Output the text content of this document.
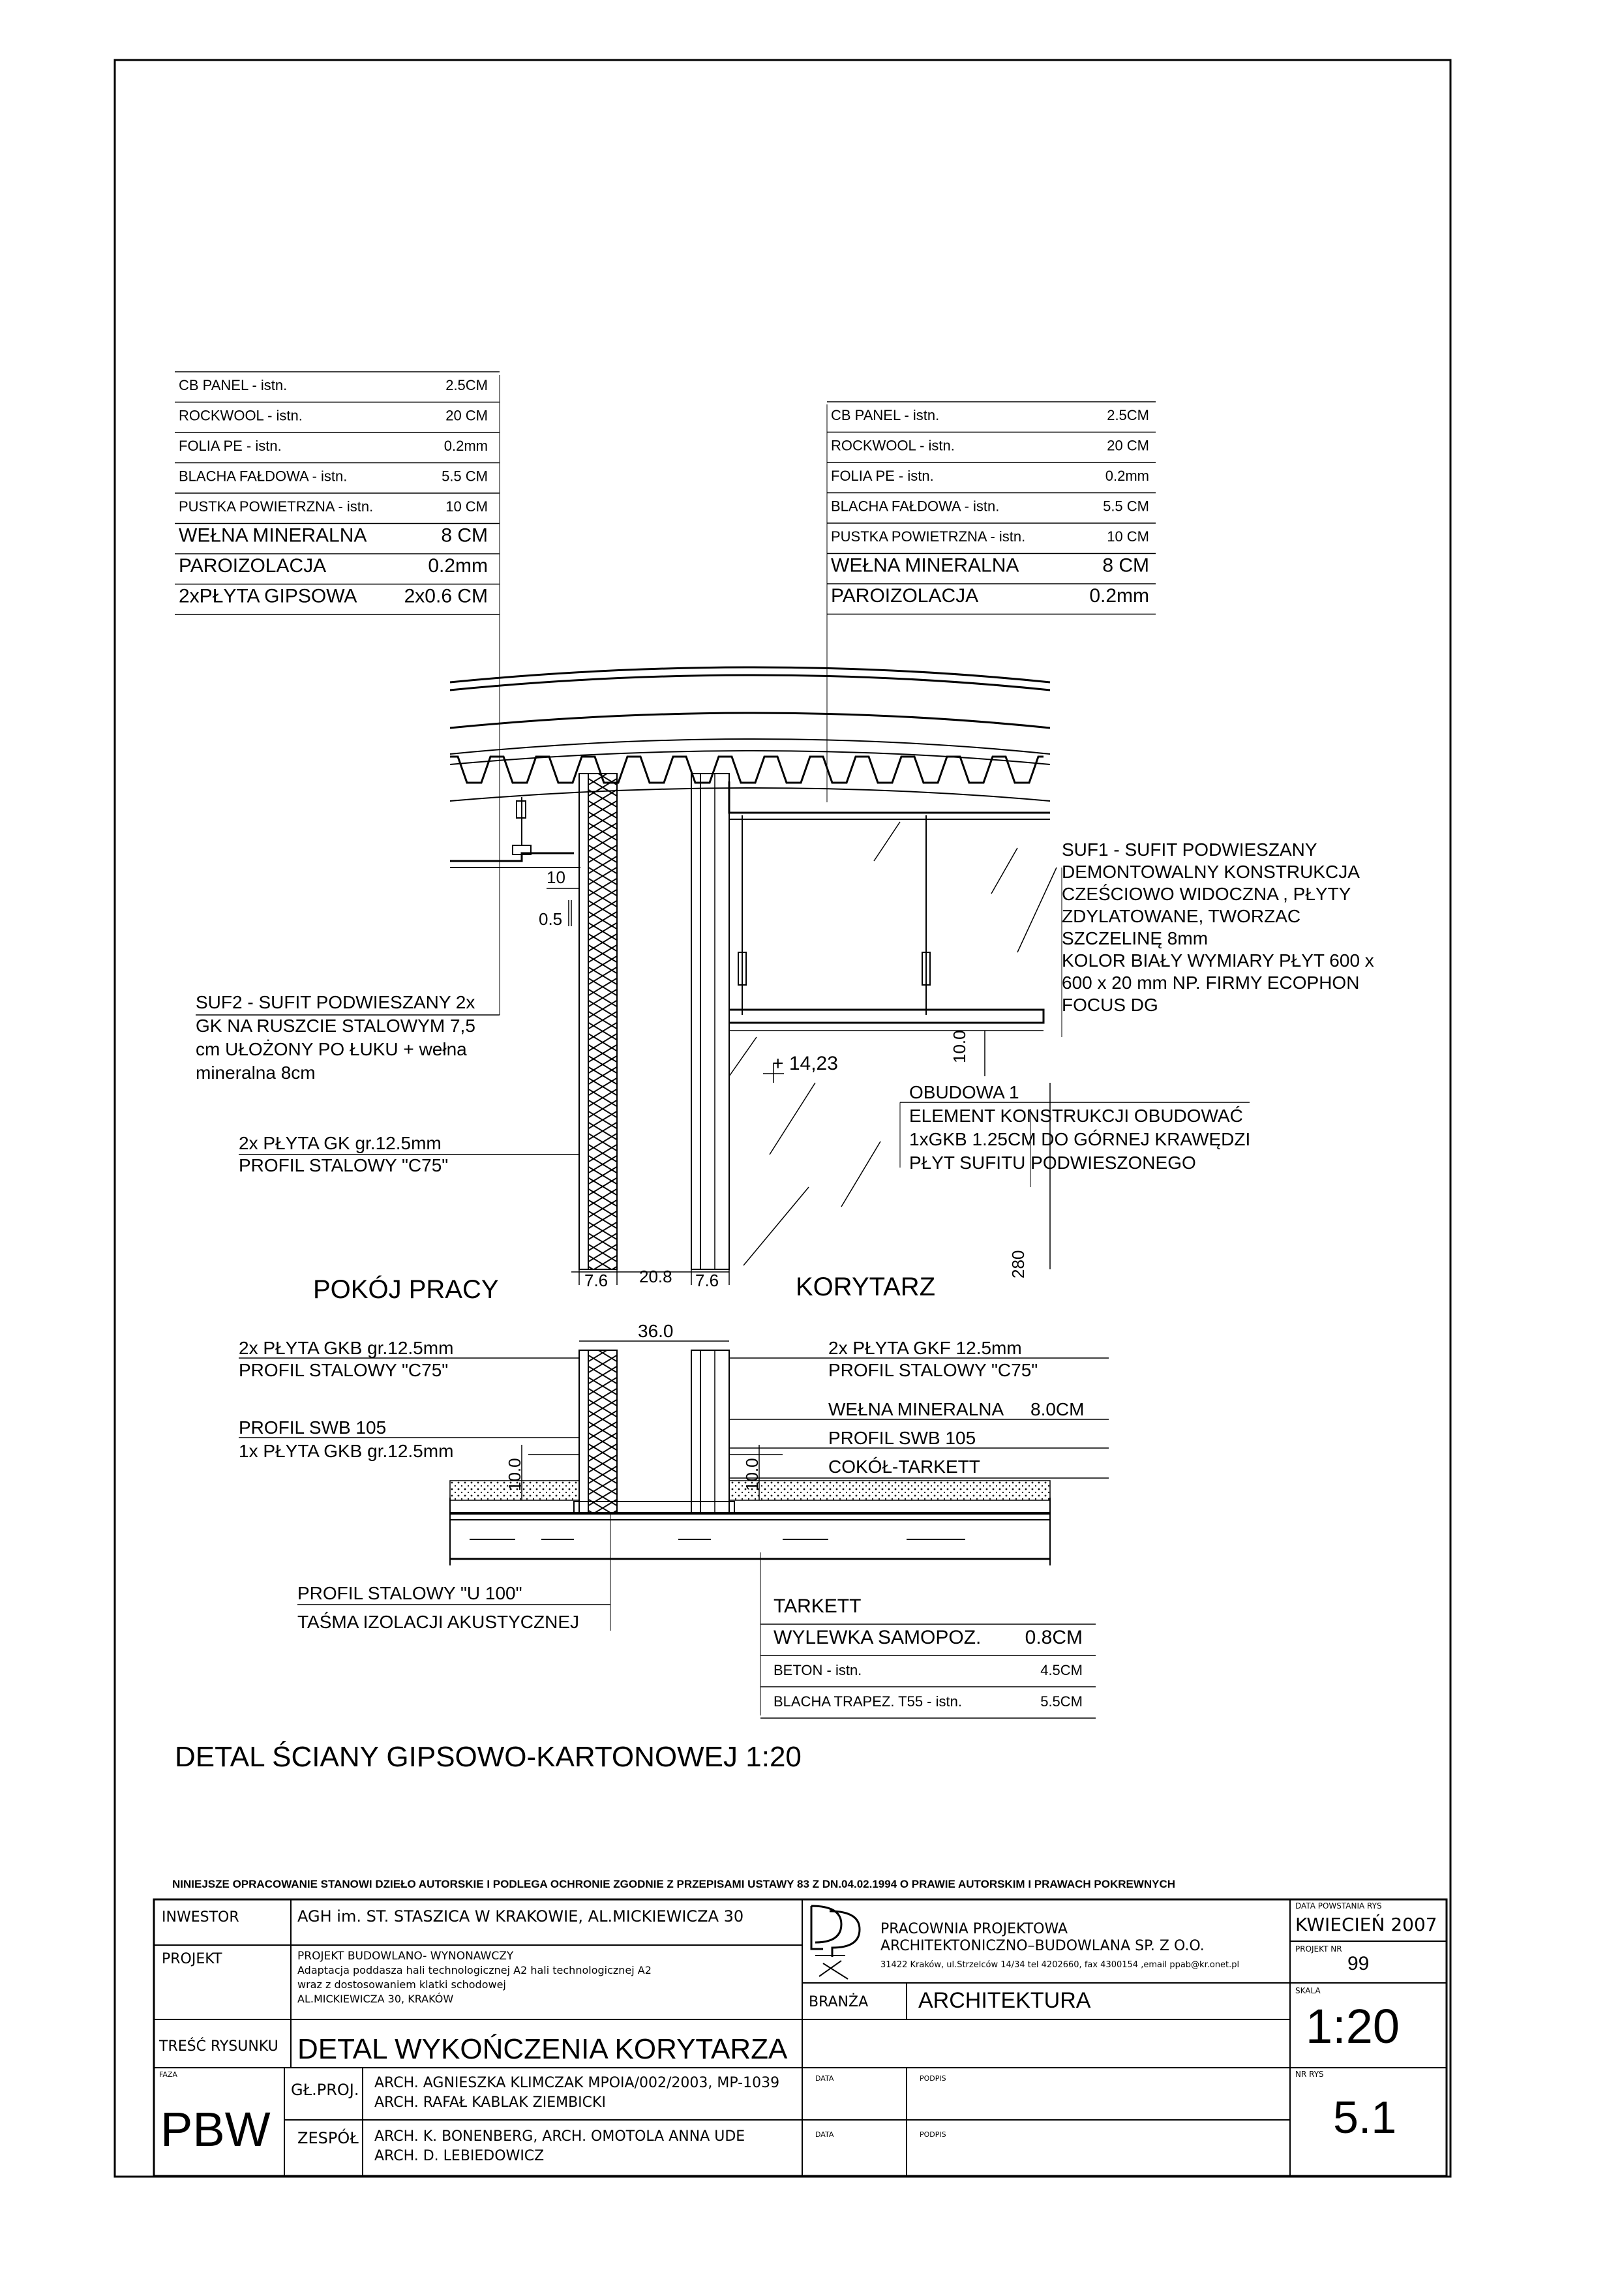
CB PANEL - istn.	2.5CM
ROCKWOOL - istn.	20 CM
FOLIA PE - istn.	0.2mm
BLACHA FAŁDOWA - istn.	5.5 CM
PUSTKA POWIETRZNA - istn.	10 CM
WEŁNA MINERALNA	8 CM
PAROIZOLACJA	0.2mm
2xPŁYTA GIPSOWA 2x0.6 CM
CB PANEL - istn.	2.5CM
ROCKWOOL - istn.	20 CM
FOLIA PE - istn.	0.2mm
BLACHA FAŁDOWA - istn.	5.5 CM
PUSTKA POWIETRZNA - istn.	10 CM
WEŁNA MINERALNA	8 CM
PAROIZOLACJA	0.2mm
SUF1 - SUFIT PODWIESZANY
DEMONTOWALNY KONSTRUKCJA
CZEŚCIOWO WIDOCZNA , PŁYTY
ZDYLATOWANE, TWORZAC
SZCZELINĘ 8mm
KOLOR BIAŁY WYMIARY PŁYT 600 x
600 x 20 mm NP. FIRMY ECOPHON
FOCUS DG
SUF2 - SUFIT PODWIESZANY 2x
GK NA RUSZCIE STALOWYM 7,5
cm UŁOŻONY PO ŁUKU + wełna
mineralna 8cm
OBUDOWA 1
ELEMENT KONSTRUKCJI OBUDOWAĆ
1xGKB 1.25CM DO GÓRNEJ KRAWĘDZI
PŁYT SUFITU PODWIESZONEGO
2x PŁYTA GK gr.12.5mm
PROFIL STALOWY "C75"
2x PŁYTA GKB gr.12.5mm
PROFIL STALOWY "C75"
PROFIL SWB 105
1x PŁYTA GKB gr.12.5mm
2x PŁYTA GKF 12.5mm
PROFIL STALOWY "C75"
WEŁNA MINERALNA 8.0CM
PROFIL SWB 105
COKÓŁ-TARKETT
PROFIL STALOWY "U 100"
TAŚMA IZOLACJI AKUSTYCZNEJ
POKÓJ PRACY	KORYTARZ
10
0.5
+ 14,23
10.0
280
7.6 20.8 7.6
36.0
10.0	10.0
TARKETT
WYLEWKA SAMOPOZ. 0.8CM
BETON - istn.	4.5CM
BLACHA TRAPEZ. T55 - istn.	5.5CM
DETAL ŚCIANY GIPSOWO-KARTONOWEJ 1:20
NINIEJSZE OPRACOWANIE STANOWI DZIEŁO AUTORSKIE I PODLEGA OCHRONIE ZGODNIE Z PRZEPISAMI USTAWY 83 Z DN.04.02.1994 O PRAWIE AUTORSKIM I PRAWACH POKREWNYCH
INWESTOR	AGH im. ST. STASZICA W KRAKOWIE, AL.MICKIEWICZA 30
PROJEKT	PROJEKT BUDOWLANO- WYNONAWCZY
Adaptacja poddasza hali technologicznej A2 hali technologicznej A2
wraz z dostosowaniem klatki schodowej
AL.MICKIEWICZA 30, KRAKÓW
PRACOWNIA PROJEKTOWA
ARCHITEKTONICZNO–BUDOWLANA SP. Z O.O.
31422 Kraków, ul.Strzelców 14/34 tel 4202660, fax 4300154 ,email ppab@kr.onet.pl
BRANŻA ARCHITEKTURA
DATA POWSTANIA RYS
KWIECIEŃ 2007
PROJEKT NR
99
SKALA
1:20
TREŚĆ RYSUNKU DETAL WYKOŃCZENIA KORYTARZA
FAZA
PBW
GŁ.PROJ. ARCH. AGNIESZKA KLIMCZAK MPOIA/002/2003, MP-1039
ARCH. RAFAŁ KABLAK ZIEMBICKI
ZESPÓŁ ARCH. K. BONENBERG, ARCH. OMOTOLA ANNA UDE
ARCH. D. LEBIEDOWICZ
DATA	PODPIS
DATA	PODPIS
NR RYS
5.1
